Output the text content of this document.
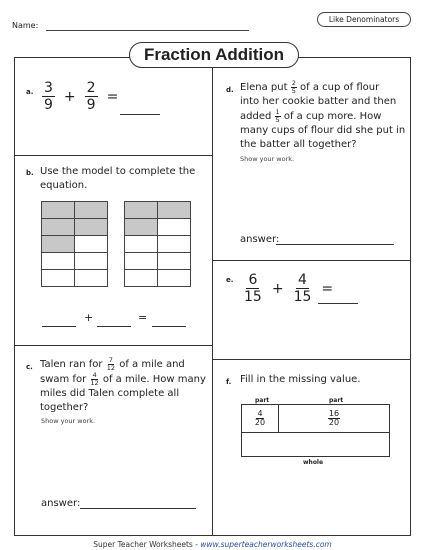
Name:
Like Denominators
Fraction Addition
a. $\frac{3}{9} + \frac{2}{9}$ =
b. Use the model to complete the equation.

+	=
c. Talen ran for $\frac{7}{12}$ of a mile and
swam for $\frac{4}{12}$ of a mile. How many
miles did Talen complete all
together?
Show your work.
answer:
d. Elena put $\frac{2}{5}$ of a cup of flour
into her cookie batter and then
added $\frac{1}{5}$ of a cup more. How
many cups of flour did she put in
the batter all together?
Show your work.
answer:
e. $\frac{6}{15} + \frac{4}{15}$ =
f. Fill in the missing value.
part	part
$\frac{4}{20}$	$\frac{16}{20}$
whole
Super Teacher Worksheets - www.superteacherworksheets.com
